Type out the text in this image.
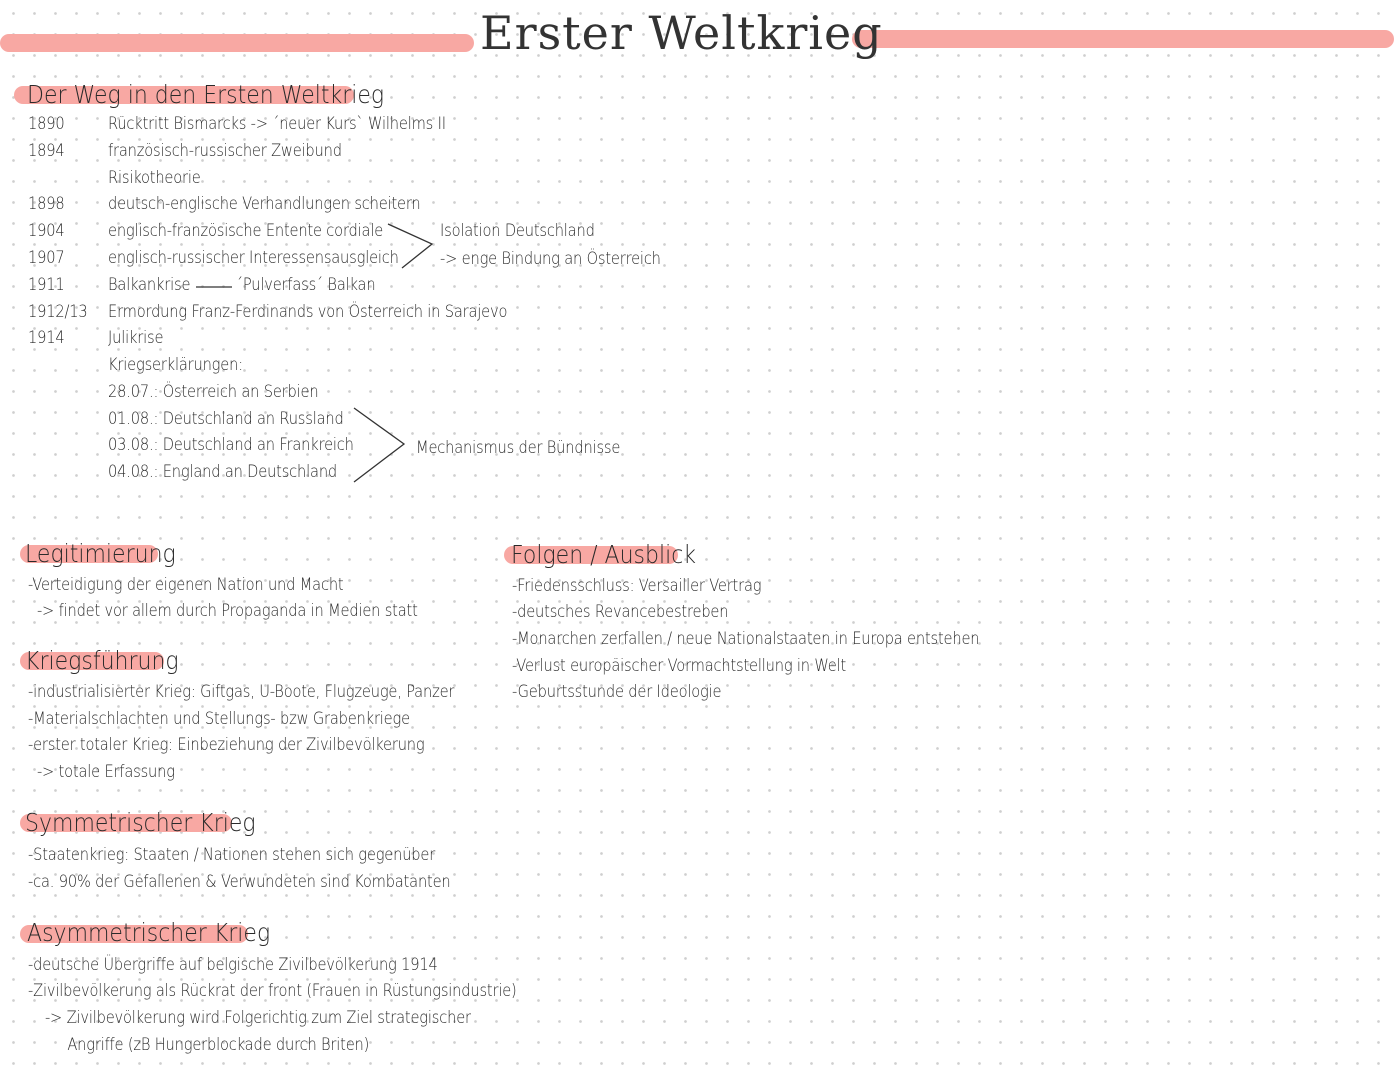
Erster Weltkrieg
Der Weg in den Ersten Weltkrieg
1890	Rücktritt Bismarcks -> ´neuer Kurs` Wilhelms II
1894	französisch-russischer Zweibund
Risikotheorie
1898	deutsch-englische Verhandlungen scheitern
1904	englisch-französische Entente cordiale
1907	englisch-russischer Interessensausgleich
1911	Balkankrise	´Pulverfass´ Balkan
1912/13 Ermordung Franz-Ferdinands von Österreich in Sarajevo
1914	Julikrise
Kriegserklärungen:
28.07.: Österreich an Serbien
01.08.: Deutschland an Russland
03.08.: Deutschland an Frankreich
04.08.: England an Deutschland
Isolation Deutschland
-> enge Bindung an Österreich
Mechanismus der Bündnisse
Legitimierung
-Verteidigung der eigenen Nation und Macht
-> findet vor allem durch Propaganda in Medien statt
Kriegsführung
-industrialisierter Krieg: Giftgas, U-Boote, Flugzeuge, Panzer
-Materialschlachten und Stellungs- bzw Grabenkriege
-erster totaler Krieg: Einbeziehung der Zivilbevölkerung
-> totale Erfassung
Symmetrischer Krieg
-Staatenkrieg: Staaten / Nationen stehen sich gegenüber
-ca. 90% der Gefallenen & Verwundeten sind Kombatanten
Asymmetrischer Krieg
-deutsche Übergriffe auf belgische Zivilbevölkerung 1914
-Zivilbevölkerung als Rückrat der front (Frauen in Rüstungsindustrie)
-> Zivilbevölkerung wird Folgerichtig zum Ziel strategischer
Angriffe (zB Hungerblockade durch Briten)
Folgen / Ausblick
-Friedensschluss: Versailler Vertrag
-deutsches Revancebestreben
-Monarchen zerfallen / neue Nationalstaaten in Europa entstehen
-Verlust europäischer Vormachtstellung in Welt
-Geburtsstunde der Ideologie
